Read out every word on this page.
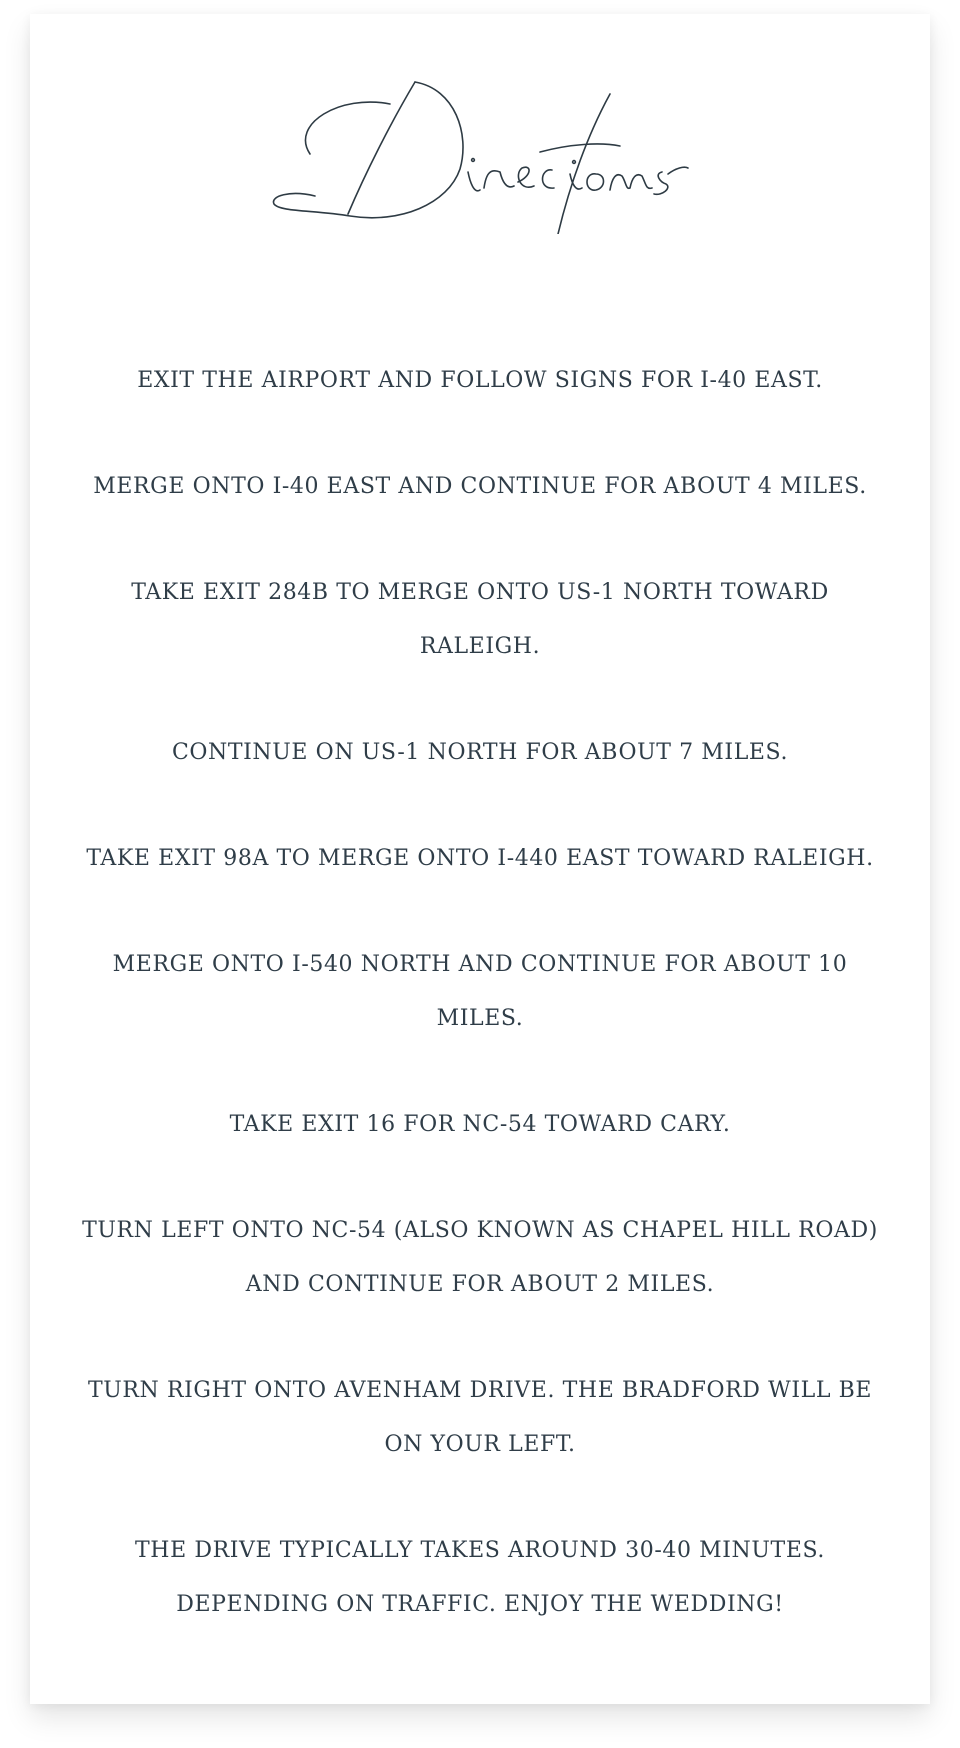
EXIT THE AIRPORT AND FOLLOW SIGNS FOR I-40 EAST.
MERGE ONTO I-40 EAST AND CONTINUE FOR ABOUT 4 MILES.
TAKE EXIT 284B TO MERGE ONTO US-1 NORTH TOWARD RALEIGH.
CONTINUE ON US-1 NORTH FOR ABOUT 7 MILES.
TAKE EXIT 98A TO MERGE ONTO I-440 EAST TOWARD RALEIGH.
MERGE ONTO I-540 NORTH AND CONTINUE FOR ABOUT 10 MILES.
TAKE EXIT 16 FOR NC-54 TOWARD CARY.
TURN LEFT ONTO NC-54 (ALSO KNOWN AS CHAPEL HILL ROAD) AND CONTINUE FOR ABOUT 2 MILES.
TURN RIGHT ONTO AVENHAM DRIVE. THE BRADFORD WILL BE ON YOUR LEFT.
THE DRIVE TYPICALLY TAKES AROUND 30-40 MINUTES. DEPENDING ON TRAFFIC. ENJOY THE WEDDING!
